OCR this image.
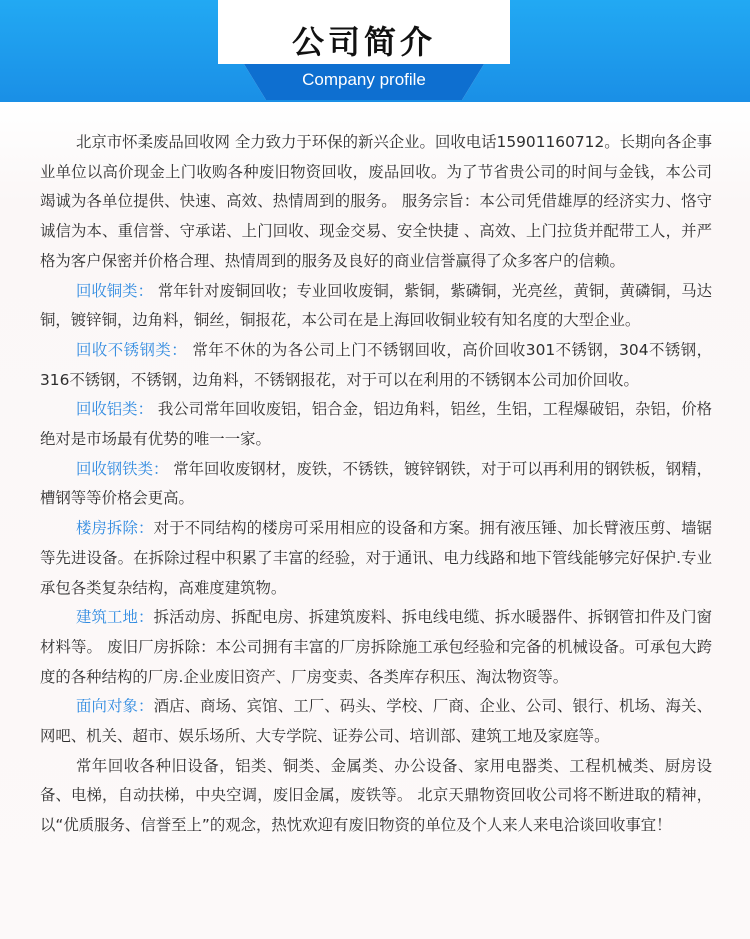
公司简介
Company profile

北京市怀柔废品回收网 全力致力于环保的新兴企业。回收电话15901160712。长期向各企事业单位以高价现金上门收购各种废旧物资回收，废品回收。为了节省贵公司的时间与金钱，本公司竭诚为各单位提供、快速、高效、热情周到的服务。 服务宗旨：本公司凭借雄厚的经济实力、恪守诚信为本、重信誉、守承诺、上门回收、现金交易、安全快捷 、高效、上门拉货并配带工人，并严格为客户保密并价格合理、热情周到的服务及良好的商业信誉赢得了众多客户的信赖。

回收铜类： 常年针对废铜回收；专业回收废铜，紫铜，紫磷铜，光亮丝，黄铜，黄磷铜，马达铜，镀锌铜，边角料，铜丝，铜报花，本公司在是上海回收铜业较有知名度的大型企业。

回收不锈钢类： 常年不休的为各公司上门不锈钢回收，高价回收301不锈钢，304不锈钢，316不锈钢，不锈钢，边角料，不锈钢报花，对于可以在利用的不锈钢本公司加价回收。

回收铝类： 我公司常年回收废铝，铝合金，铝边角料，铝丝，生铝，工程爆破铝，杂铝，价格绝对是市场最有优势的唯一一家。

回收钢铁类： 常年回收废钢材，废铁，不锈铁，镀锌钢铁，对于可以再利用的钢铁板，钢精，槽钢等等价格会更高。

楼房拆除：对于不同结构的楼房可采用相应的设备和方案。拥有液压锤、加长臂液压剪、墙锯等先进设备。在拆除过程中积累了丰富的经验，对于通讯、电力线路和地下管线能够完好保护.专业承包各类复杂结构，高难度建筑物。

建筑工地：拆活动房、拆配电房、拆建筑废料、拆电线电缆、拆水暖器件、拆钢管扣件及门窗材料等。 废旧厂房拆除：本公司拥有丰富的厂房拆除施工承包经验和完备的机械设备。可承包大跨度的各种结构的厂房.企业废旧资产、厂房变卖、各类库存积压、淘汰物资等。

面向对象：酒店、商场、宾馆、工厂、码头、学校、厂商、企业、公司、银行、机场、海关、网吧、机关、超市、娱乐场所、大专学院、证券公司、培训部、建筑工地及家庭等。

常年回收各种旧设备，铝类、铜类、金属类、办公设备、家用电器类、工程机械类、厨房设备、电梯，自动扶梯，中央空调，废旧金属，废铁等。 北京天鼎物资回收公司将不断进取的精神，以“优质服务、信誉至上”的观念，热忱欢迎有废旧物资的单位及个人来人来电洽谈回收事宜！
